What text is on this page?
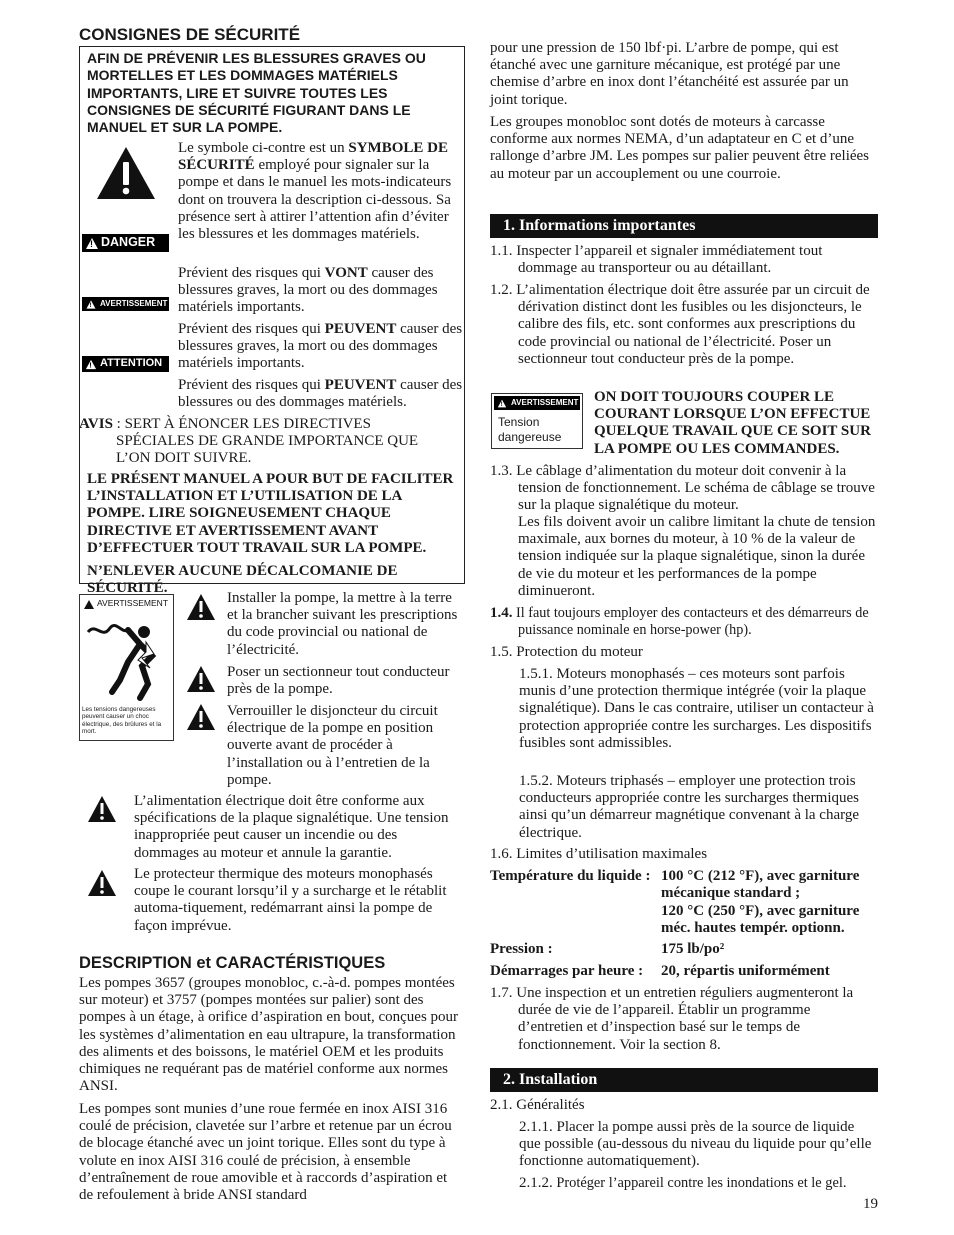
CONSIGNES DE SÉCURITÉ
AFIN DE PRÉVENIR LES BLESSURES GRAVES OU MORTELLES ET LES DOMMAGES MATÉRIELS IMPORTANTS, LIRE ET SUIVRE TOUTES LES CONSIGNES DE SÉCURITÉ FIGURANT DANS LE MANUEL ET SUR LA POMPE.

Le symbole ci-contre est un SYMBOLE DE SÉCURITÉ employé pour signaler sur la pompe et dans le manuel les mots-indicateurs dont on trouvera la description ci-dessous. Sa présence sert à attirer l’attention afin d’éviter les blessures et les dommages matériels.

!
DANGER

Prévient des risques qui VONT causer des blessures graves, la mort ou des dommages matériels importants.

!
AVERTISSEMENT

Prévient des risques qui PEUVENT causer des blessures graves, la mort ou des dommages matériels importants.

!
ATTENTION

Prévient des risques qui PEUVENT causer des blessures ou des dommages matériels.

AVIS : SERT À ÉNONCER LES DIRECTIVES SPÉCIALES DE GRANDE IMPORTANCE QUE L’ON DOIT SUIVRE.

LE PRÉSENT MANUEL A POUR BUT DE FACILITER L’INSTALLATION ET L’UTILISATION DE LA POMPE. LIRE SOIGNEUSEMENT CHAQUE DIRECTIVE ET AVERTISSEMENT AVANT D’EFFECTUER TOUT TRAVAIL SUR LA POMPE.

N’ENLEVER AUCUNE DÉCALCOMANIE DE SÉCURITÉ.

AVERTISSEMENT
Les tensions dangereuses peuvent causer un choc électrique, des brûlures et la mort.

Installer la pompe, la mettre à la terre et la brancher suivant les prescriptions du code provincial ou national de l’électricité.

Poser un sectionneur tout conducteur près de la pompe.

Verrouiller le disjoncteur du circuit électrique de la pompe en position ouverte avant de procéder à l’installation ou à l’entretien de la pompe.

L’alimentation électrique doit être conforme aux spécifications de la plaque signalétique. Une tension inappropriée peut causer un incendie ou des dommages au moteur et annule la garantie.

Le protecteur thermique des moteurs monophasés coupe le courant lorsqu’il y a surcharge et le rétablit automa-tiquement, redémarrant ainsi la pompe de façon imprévue.

DESCRIPTION et CARACTÉRISTIQUES

Les pompes 3657 (groupes monobloc, c.-à-d. pompes montées sur moteur) et 3757 (pompes montées sur palier) sont des pompes à un étage, à orifice d’aspiration en bout, conçues pour les systèmes d’alimentation en eau ultrapure, la transformation des aliments et des boissons, le matériel OEM et les produits chimiques ne requérant pas de matériel conforme aux normes ANSI.

Les pompes sont munies d’une roue fermée en inox AISI 316 coulé de précision, clavetée sur l’arbre et retenue par un écrou de blocage étanché avec un joint torique. Elles sont du type à volute en inox AISI 316 coulé de précision, à ensemble d’entraînement de roue amovible et à raccords d’aspiration et de refoulement à bride ANSI standard

pour une pression de 150 lbf·pi. L’arbre de pompe, qui est étanché avec une garniture mécanique, est protégé par une chemise d’arbre en inox dont l’étanchéité est assurée par un joint torique.

Les groupes monobloc sont dotés de moteurs à carcasse conforme aux normes NEMA, d’un adaptateur en C et d’une rallonge d’arbre JM. Les pompes sur palier peuvent être reliées au moteur par un accouplement ou une courroie.

1. Informations importantes

1.1. Inspecter l’appareil et signaler immédiatement tout dommage au transporteur ou au détaillant.

1.2. L’alimentation électrique doit être assurée par un circuit de dérivation distinct dont les fusibles ou les disjoncteurs, le calibre des fils, etc. sont conformes aux prescriptions du code provincial ou national de l’électricité. Poser un sectionneur tout conducteur près de la pompe.

!
AVERTISSEMENT
Tension dangereuse

ON DOIT TOUJOURS COUPER LE COURANT LORSQUE L’ON EFFECTUE QUELQUE TRAVAIL QUE CE SOIT SUR LA POMPE OU LES COMMANDES.

1.3. Le câblage d’alimentation du moteur doit convenir à la tension de fonctionnement. Le schéma de câblage se trouve sur la plaque signalétique du moteur.

Les fils doivent avoir un calibre limitant la chute de tension maximale, aux bornes du moteur, à 10 % de la valeur de tension indiquée sur la plaque signalétique, sinon la durée de vie du moteur et les performances de la pompe diminueront.

1.4. Il faut toujours employer des contacteurs et des démarreurs de puissance nominale en horse-power (hp).

1.5. Protection du moteur

1.5.1. Moteurs monophasés – ces moteurs sont parfois munis d’une protection thermique intégrée (voir la plaque signalétique). Dans le cas contraire, utiliser un contacteur à protection appropriée contre les surcharges. Les dispositifs fusibles sont admissibles.

1.5.2. Moteurs triphasés – employer une protection trois conducteurs appropriée contre les surcharges thermiques ainsi qu’un démarreur magnétique convenant à la charge électrique.

1.6. Limites d’utilisation maximales

Température du liquide : 100 °C (212 °F), avec garniture mécanique standard ;
120 °C (250 °F), avec garniture méc. hautes tempér. optionn.
Pression :	175 lb/po²
Démarrages par heure : 20, répartis uniformément

1.7. Une inspection et un entretien réguliers augmenteront la durée de vie de l’appareil. Établir un programme d’entretien et d’inspection basé sur le temps de fonctionnement. Voir la section 8.

2. Installation

2.1. Généralités

2.1.1. Placer la pompe aussi près de la source de liquide que possible (au-dessous du niveau du liquide pour qu’elle fonctionne automatiquement).

2.1.2. Protéger l’appareil contre les inondations et le gel.

19
